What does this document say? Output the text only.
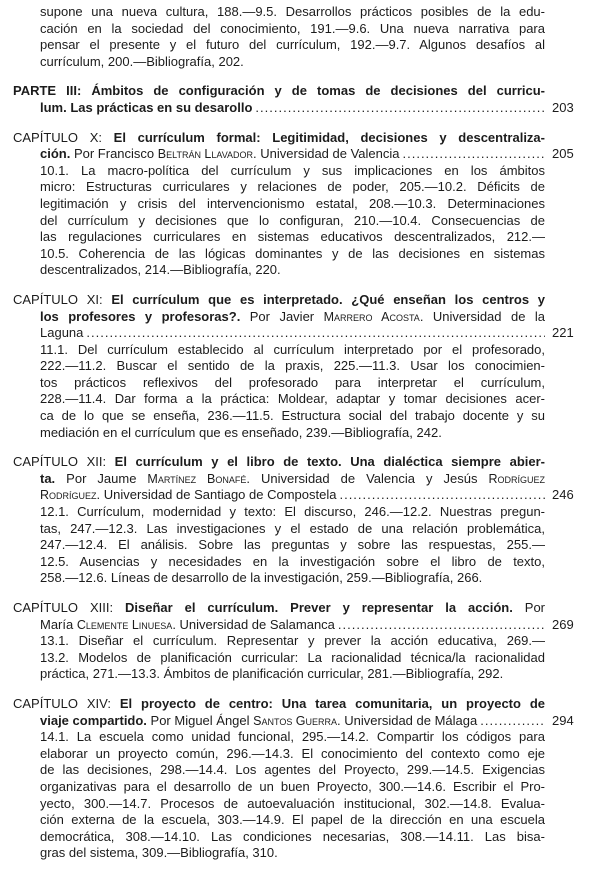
supone una nueva cultura, 188.—9.5. Desarrollos prácticos posibles de la edu-
cación en la sociedad del conocimiento, 191.—9.6. Una nueva narrativa para
pensar el presente y el futuro del currículum, 192.—9.7. Algunos desafíos al
currículum, 200.—Bibliografía, 202.
PARTE III: Ámbitos de configuración y de tomas de decisiones del curricu-
lum. Las prácticas en su desarollo .....	203
CAPÍTULO X: El currículum formal: Legitimidad, decisiones y descentraliza-
ción. Por Francisco Beltrán Llavador. Universidad de Valencia .....	205
10.1. La macro-política del currículum y sus implicaciones en los ámbitos
micro: Estructuras curriculares y relaciones de poder, 205.—10.2. Déficits de
legitimación y crisis del intervencionismo estatal, 208.—10.3. Determinaciones
del currículum y decisiones que lo configuran, 210.—10.4. Consecuencias de
las regulaciones curriculares en sistemas educativos descentralizados, 212.—
10.5. Coherencia de las lógicas dominantes y de las decisiones en sistemas
descentralizados, 214.—Bibliografía, 220.
CAPÍTULO XI: El currículum que es interpretado. ¿Qué enseñan los centros y
los profesores y profesoras?. Por Javier Marrero Acosta. Universidad de la
Laguna .....	221
11.1. Del currículum establecido al currículum interpretado por el profesorado,
222.—11.2. Buscar el sentido de la praxis, 225.—11.3. Usar los conocimien-
tos prácticos reflexivos del profesorado para interpretar el currículum,
228.—11.4. Dar forma a la práctica: Moldear, adaptar y tomar decisiones acer-
ca de lo que se enseña, 236.—11.5. Estructura social del trabajo docente y su
mediación en el currículum que es enseñado, 239.—Bibliografía, 242.
CAPÍTULO XII: El currículum y el libro de texto. Una dialéctica siempre abier-
ta. Por Jaume Martínez Bonafé. Universidad de Valencia y Jesús Rodríguez
Rodríguez. Universidad de Santiago de Compostela .....	246
12.1. Currículum, modernidad y texto: El discurso, 246.—12.2. Nuestras pregun-
tas, 247.—12.3. Las investigaciones y el estado de una relación problemática,
247.—12.4. El análisis. Sobre las preguntas y sobre las respuestas, 255.—
12.5. Ausencias y necesidades en la investigación sobre el libro de texto,
258.—12.6. Líneas de desarrollo de la investigación, 259.—Bibliografía, 266.
CAPÍTULO XIII: Diseñar el currículum. Prever y representar la acción. Por
María Clemente Linuesa. Universidad de Salamanca .....	269
13.1. Diseñar el currículum. Representar y prever la acción educativa, 269.—
13.2. Modelos de planificación curricular: La racionalidad técnica/la racionalidad
práctica, 271.—13.3. Ámbitos de planificación curricular, 281.—Bibliografía, 292.
CAPÍTULO XIV: El proyecto de centro: Una tarea comunitaria, un proyecto de
viaje compartido. Por Miguel Ángel Santos Guerra. Universidad de Málaga .....	294
14.1. La escuela como unidad funcional, 295.—14.2. Compartir los códigos para
elaborar un proyecto común, 296.—14.3. El conocimiento del contexto como eje
de las decisiones, 298.—14.4. Los agentes del Proyecto, 299.—14.5. Exigencias
organizativas para el desarrollo de un buen Proyecto, 300.—14.6. Escribir el Pro-
yecto, 300.—14.7. Procesos de autoevaluación institucional, 302.—14.8. Evalua-
ción externa de la escuela, 303.—14.9. El papel de la dirección en una escuela
democrática, 308.—14.10. Las condiciones necesarias, 308.—14.11. Las bisa-
gras del sistema, 309.—Bibliografía, 310.
